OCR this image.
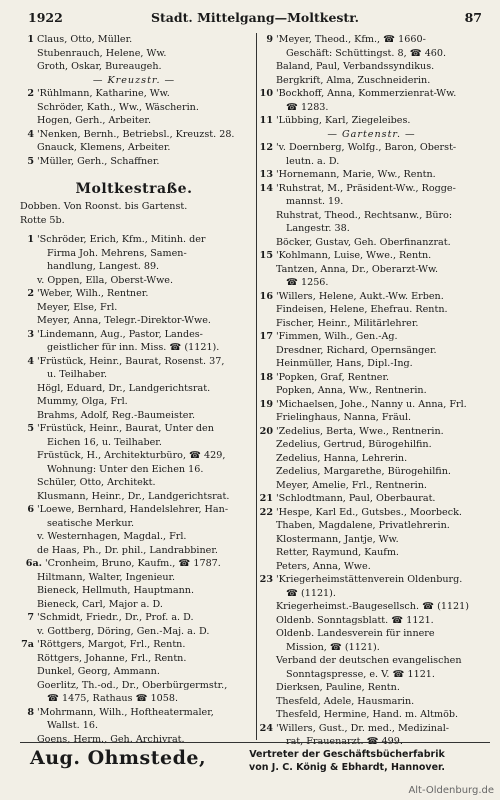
1922	Stadt. Mittelgang—Moltkestr.	87
1 Claus, Otto, Müller.
Stubenrauch, Helene, Ww.
Groth, Oskar, Bureaugeh.
— Kreuzstr. —
2 'Rühlmann, Katharine, Ww.
Schröder, Kath., Ww., Wäscherin.
Hogen, Gerh., Arbeiter.
4 'Nenken, Bernh., Betriebsl., Kreuzst. 28.
Gnauck, Klemens, Arbeiter.
5 'Müller, Gerh., Schaffner.
Moltkestraße.
Dobben. Von Roonst. bis Gartenst.
Rotte 5b.
1 'Schröder, Erich, Kfm., Mitinh. der
Firma Joh. Mehrens, Samen-
handlung, Langest. 89.
v. Oppen, Ella, Oberst-Wwe.
2 'Weber, Wilh., Rentner.
Meyer, Else, Frl.
Meyer, Anna, Telegr.-Direktor-Wwe.
3 'Lindemann, Aug., Pastor, Landes-
geistlicher für inn. Miss. ☎ (1121).
4 'Früstück, Heinr., Baurat, Rosenst. 37,
u. Teilhaber.
Högl, Eduard, Dr., Landgerichtsrat.
Mummy, Olga, Frl.
Brahms, Adolf, Reg.-Baumeister.
5 'Früstück, Heinr., Baurat, Unter den
Eichen 16, u. Teilhaber.
Früstück, H., Architekturbüro, ☎ 429,
Wohnung: Unter den Eichen 16.
Schüler, Otto, Architekt.
Klusmann, Heinr., Dr., Landgerichtsrat.
6 'Loewe, Bernhard, Handelslehrer, Han-
seatische Merkur.
v. Westernhagen, Magdal., Frl.
de Haas, Ph., Dr. phil., Landrabbiner.
6a. 'Cronheim, Bruno, Kaufm., ☎ 1787.
Hiltmann, Walter, Ingenieur.
Bieneck, Hellmuth, Hauptmann.
Bieneck, Carl, Major a. D.
7 'Schmidt, Friedr., Dr., Prof. a. D.
v. Gottberg, Döring, Gen.-Maj. a. D.
7a 'Röttgers, Margot, Frl., Rentn.
Röttgers, Johanne, Frl., Rentn.
Dunkel, Georg, Ammann.
Goerlitz, Th.-od., Dr., Oberbürgermstr.,
☎ 1475, Rathaus ☎ 1058.
8 'Mohrmann, Wilh., Hoftheatermaler,
Wallst. 16.
Goens, Herm., Geh. Archivrat.
9 'Meyer, Theod., Kfm., ☎ 1660-
Geschäft: Schüttingst. 8, ☎ 460.
Baland, Paul, Verbandssyndikus.
Bergkrift, Alma, Zuschneiderin.
10 'Bockhoff, Anna, Kommerzienrat-Ww.
☎ 1283.
11 'Lübbing, Karl, Ziegeleibes.
— Gartenstr. —
12 'v. Doernberg, Wolfg., Baron, Oberst-
leutn. a. D.
13 'Hornemann, Marie, Ww., Rentn.
14 'Ruhstrat, M., Präsident-Ww., Rogge-
mannst. 19.
Ruhstrat, Theod., Rechtsanw., Büro:
Langestr. 38.
Böcker, Gustav, Geh. Oberfinanzrat.
15 'Kohlmann, Luise, Wwe., Rentn.
Tantzen, Anna, Dr., Oberarzt-Ww.
☎ 1256.
16 'Willers, Helene, Aukt.-Ww. Erben.
Findeisen, Helene, Ehefrau. Rentn.
Fischer, Heinr., Militärlehrer.
17 'Fimmen, Wilh., Gen.-Ag.
Dresdner, Richard, Opernsänger.
Heinmüller, Hans, Dipl.-Ing.
18 'Popken, Graf, Rentner.
Popken, Anna, Ww., Rentnerin.
19 'Michaelsen, Johe., Nanny u. Anna, Frl.
Frielinghaus, Nanna, Fräul.
20 'Zedelius, Berta, Wwe., Rentnerin.
Zedelius, Gertrud, Bürogehilfin.
Zedelius, Hanna, Lehrerin.
Zedelius, Margarethe, Bürogehilfin.
Meyer, Amelie, Frl., Rentnerin.
21 'Schlodtmann, Paul, Oberbaurat.
22 'Hespe, Karl Ed., Gutsbes., Moorbeck.
Thaben, Magdalene, Privatlehrerin.
Klostermann, Jantje, Ww.
Retter, Raymund, Kaufm.
Peters, Anna, Wwe.
23 'Kriegerheimstättenverein Oldenburg.
☎ (1121).
Kriegerheimst.-Baugesellsch. ☎ (1121)
Oldenb. Sonntagsblatt. ☎ 1121.
Oldenb. Landesverein für innere
Mission, ☎ (1121).
Verband der deutschen evangelischen
Sonntagspresse, e. V. ☎ 1121.
Dierksen, Pauline, Rentn.
Thesfeld, Adele, Hausmarin.
Thesfeld, Hermine, Hand. m. Altmöb.
24 'Willers, Gust., Dr. med., Medizinal-
rat, Frauenarzt. ☎ 499.
Aug. Ohmstede,	Vertreter der Geschäftsbücherfabrik
von J. C. König & Ebhardt, Hannover.
Alt-Oldenburg.de
